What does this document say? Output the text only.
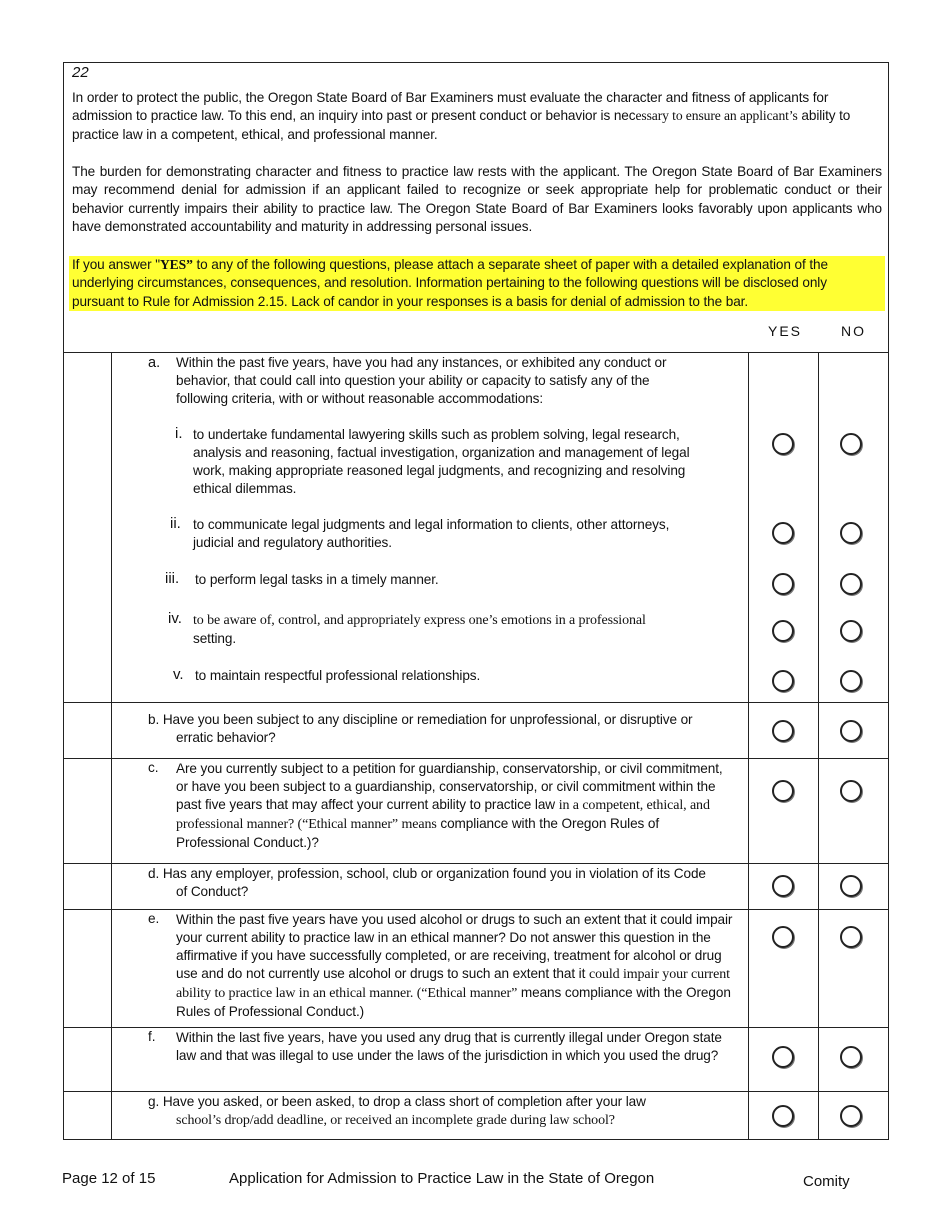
22
In order to protect the public, the Oregon State Board of Bar Examiners must evaluate the character and fitness of applicants for admission to practice law. To this end, an inquiry into past or present conduct or behavior is necessary to ensure an applicant’s ability to practice law in a competent, ethical, and professional manner.
The burden for demonstrating character and fitness to practice law rests with the applicant. The Oregon State Board of Bar Examiners may recommend denial for admission if an applicant failed to recognize or seek appropriate help for problematic conduct or their behavior currently impairs their ability to practice law. The Oregon State Board of Bar Examiners looks favorably upon applicants who have demonstrated accountability and maturity in addressing personal issues.
If you answer "YES” to any of the following questions, please attach a separate sheet of paper with a detailed explanation of the underlying circumstances, consequences, and resolution. Information pertaining to the following questions will be disclosed only pursuant to Rule for Admission 2.15. Lack of candor in your responses is a basis for denial of admission to the bar.
YES	NO
a. Within the past five years, have you had any instances, or exhibited any conduct or behavior, that could call into question your ability or capacity to satisfy any of the following criteria, with or without reasonable accommodations:
i. to undertake fundamental lawyering skills such as problem solving, legal research, analysis and reasoning, factual investigation, organization and management of legal work, making appropriate reasoned legal judgments, and recognizing and resolving ethical dilemmas.
ii. to communicate legal judgments and legal information to clients, other attorneys, judicial and regulatory authorities.
iii. to perform legal tasks in a timely manner.
iv. to be aware of, control, and appropriately express one’s emotions in a professional
setting.
v. to maintain respectful professional relationships.
b. Have you been subject to any discipline or remediation for unprofessional, or disruptive or erratic behavior?
c. Are you currently subject to a petition for guardianship, conservatorship, or civil commitment, or have you been subject to a guardianship, conservatorship, or civil commitment within the past five years that may affect your current ability to practice law in a competent, ethical, and professional manner? (“Ethical manner” means compliance with the Oregon Rules of Professional Conduct.)?
d. Has any employer, profession, school, club or organization found you in violation of its Code of Conduct?
e. Within the past five years have you used alcohol or drugs to such an extent that it could impair your current ability to practice law in an ethical manner? Do not answer this question in the affirmative if you have successfully completed, or are receiving, treatment for alcohol or drug use and do not currently use alcohol or drugs to such an extent that it could impair your current ability to practice law in an ethical manner. (“Ethical manner” means compliance with the Oregon Rules of Professional Conduct.)
f. Within the last five years, have you used any drug that is currently illegal under Oregon state law and that was illegal to use under the laws of the jurisdiction in which you used the drug?
g. Have you asked, or been asked, to drop a class short of completion after your law
school’s drop/add deadline, or received an incomplete grade during law school?
Page 12 of 15	Application for Admission to Practice Law in the State of Oregon	Comity
